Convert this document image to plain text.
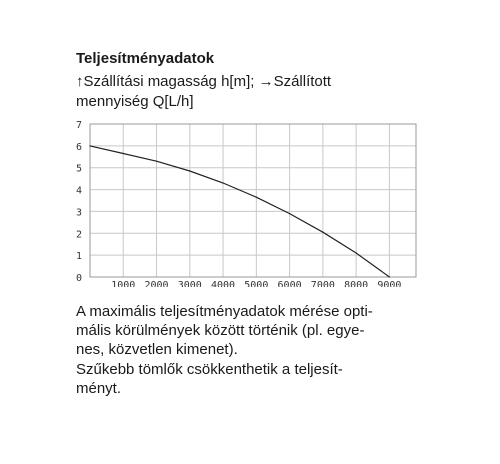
Teljesítményadatok
↑Szállítási magasság h[m]; →Szállított
mennyiség Q[L/h]
0
1
2
3
4
5
6
7
1000 2000 3000 4000 5000 6000 7000 8000 9000
A maximális teljesítményadatok mérése opti-
mális körülmények között történik (pl. egye-
nes, közvetlen kimenet).
Szűkebb tömlők csökkenthetik a teljesít-
ményt.
